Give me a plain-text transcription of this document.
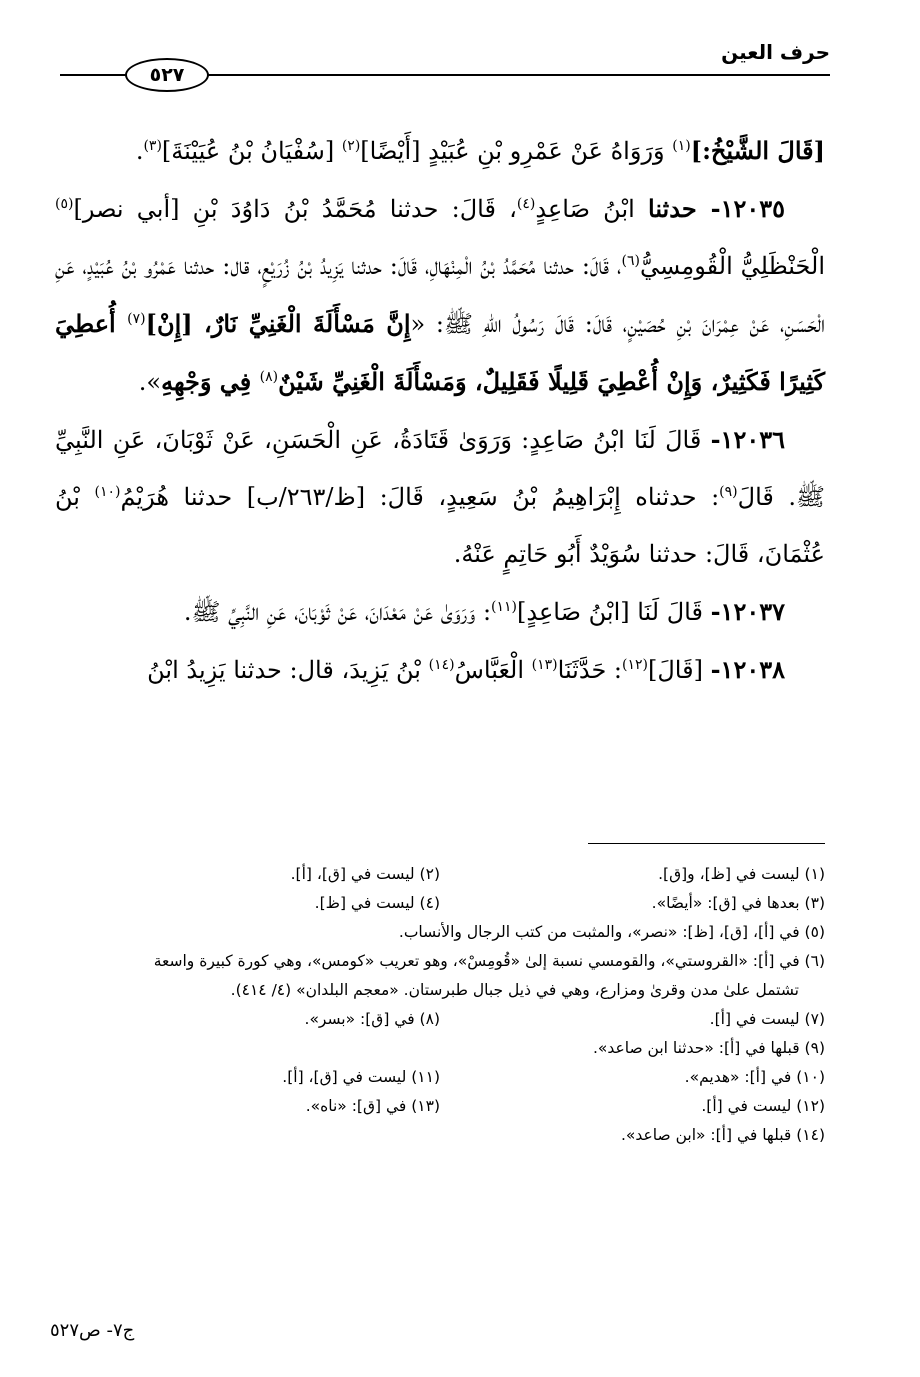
حرف العين
٥٢٧

[قَالَ الشَّيْخُ:]$^{(١)}$ وَرَوَاهُ عَنْ عَمْرِو بْنِ عُبَيْدٍ [أَيْضًا]$^{(٢)}$ [سُفْيَانُ بْنُ عُيَيْنَةَ]$^{(٣)}$.

١٢٠٣٥- حدثنا ابْنُ صَاعِدٍ$^{(٤)}$، قَالَ: حدثنا مُحَمَّدُ بْنُ دَاوُدَ بْنِ [أبي نصر]$^{(٥)}$ الْحَنْظَلِيُّ الْقُومِسِيُّ$^{(٦)}$، قَالَ: حدثنا مُحَمَّدُ بْنُ الْمِنْهَالِ، قَالَ: حدثنا يَزِيدُ بْنُ زُرَيْعٍ، قال: حدثنا عَمْرُو بْنُ عُبَيْدٍ، عَنِ الْحَسَنِ، عَنْ عِمْرَانَ بْنِ حُصَيْنٍ، قَالَ: قَالَ رَسُولُ اللهِ ﷺ: «إِنَّ مَسْأَلَةَ الْغَنِيِّ نَارٌ، [إِنْ]$^{(٧)}$ أُعطِيَ كَثِيرًا فَكَثِيرٌ، وَإِنْ أُعْطِيَ قَلِيلًا فَقَلِيلٌ، وَمَسْأَلَةَ الْغَنِيِّ شَيْنٌ$^{(٨)}$ فِي وَجْهِهِ».

١٢٠٣٦- قَالَ لَنَا ابْنُ صَاعِدٍ: وَرَوَىٰ قَتَادَةُ، عَنِ الْحَسَنِ، عَنْ ثَوْبَانَ، عَنِ النَّبِيِّ ﷺ. قَالَ$^{(٩)}$: حدثناه إِبْرَاهِيمُ بْنُ سَعِيدٍ، قَالَ: [ظ/٢٦٣/ب] حدثنا هُرَيْمُ$^{(١٠)}$ بْنُ عُثْمَانَ، قَالَ: حدثنا سُوَيْدٌ أَبُو حَاتِمٍ عَنْهُ.

١٢٠٣٧- قَالَ لَنَا [ابْنُ صَاعِدٍ]$^{(١١)}$: وَرَوَىٰ عَنْ مَعْدَانَ، عَنْ ثَوْبَانَ، عَنِ النَّبِيِّ ﷺ.

١٢٠٣٨- [قَالَ]$^{(١٢)}$: حَدَّثَنَا$^{(١٣)}$ الْعَبَّاسُ$^{(١٤)}$ بْنُ يَزِيدَ، قال: حدثنا يَزِيدُ ابْنُ

(١) ليست في [ظ]، و[ق].
(٢) ليست في [ق]، [أ].
(٣) بعدها في [ق]: «أيضًا».
(٤) ليست في [ظ].

(٥) في [أ]، [ق]، [ظ]: «نصر»، والمثبت من كتب الرجال والأنساب.

(٦) في [أ]: «القروستي»، والقومسي نسبة إلىٰ «قُومِسْ»، وهو تعريب «كومس»، وهي كورة كبيرة واسعة

تشتمل علىٰ مدن وقرىٰ ومزارع، وهي في ذيل جبال طبرستان. «معجم البلدان» (٤/ ٤١٤).

(٧) ليست في [أ].
(٨) في [ق]: «بسر».

(٩) قبلها في [أ]: «حدثنا ابن صاعد».

(١٠) في [أ]: «هديم».
(١١) ليست في [ق]، [أ].
(١٢) ليست في [أ].
(١٣) في [ق]: «ناه».

(١٤) قبلها في [أ]: «ابن صاعد».

ج٧- ص٥٢٧
